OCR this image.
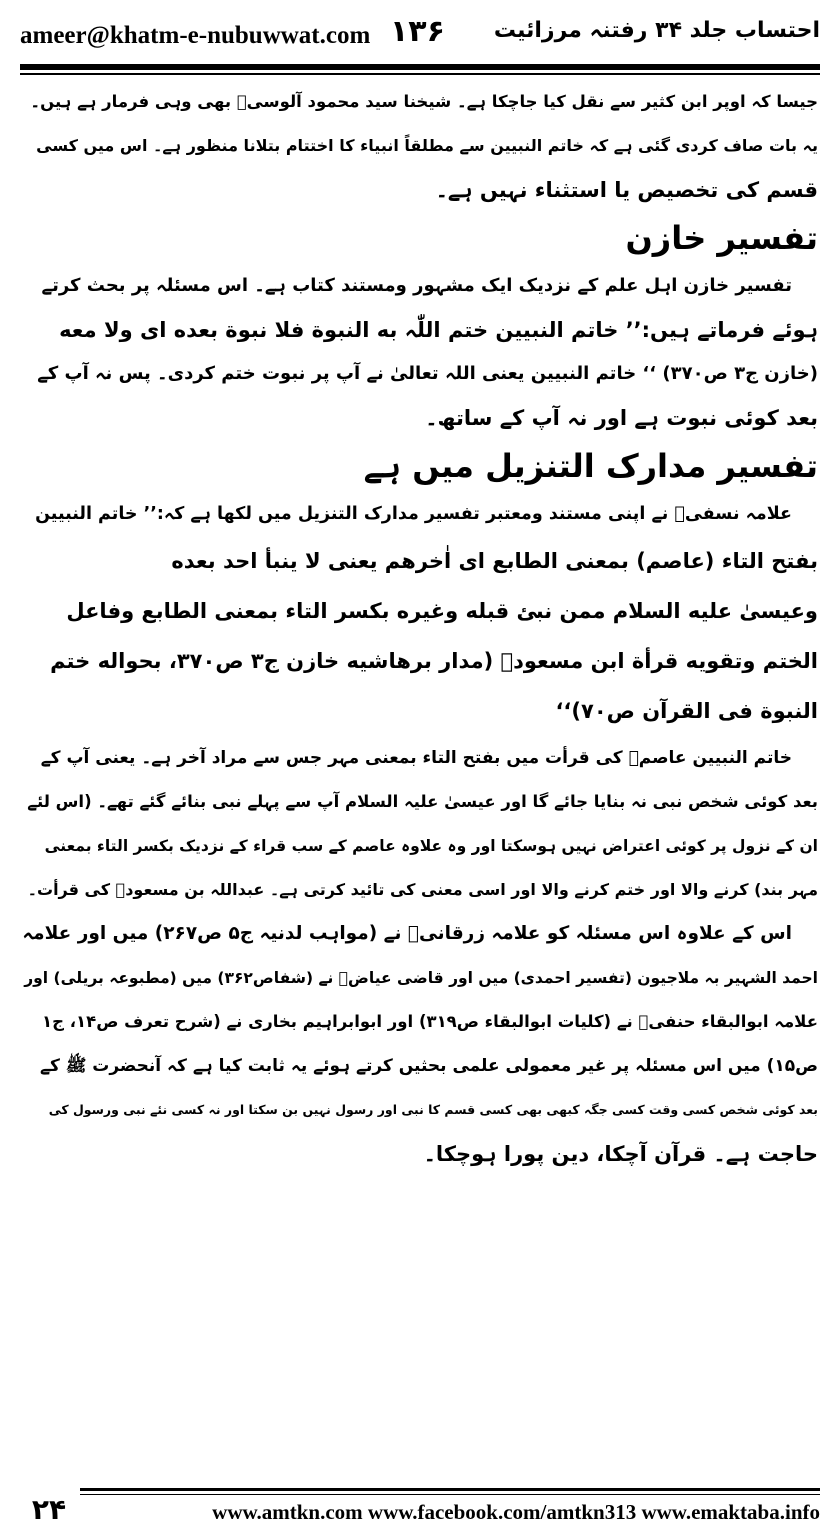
ameer@khatm-e-nubuwwat.com ۱۳۶ احتساب جلد ۳۴ رفتنہ مرزائیت
جیسا کہ اوپر ابن کثیر سے نقل کیا جاچکا ہے۔ شیخنا سید محمود آلوسیؒ بھی وہی فرمار ہے ہیں۔
یہ بات صاف کردی گئی ہے کہ خاتم النبیین سے مطلقاً انبیاء کا اختتام بتلانا منظور ہے۔ اس میں کسی
قسم کی تخصیص یا استثناء نہیں ہے۔
تفسیر خازن
تفسیر خازن اہل علم کے نزدیک ایک مشہور ومستند کتاب ہے۔ اس مسئلہ پر بحث کرتے
ہوئے فرماتے ہیں:’’ خاتم النبیین ختم اللّٰہ به النبوة فلا نبوة بعده ای ولا معه
(خازن ج۳ ص۳۷۰) ‘‘ خاتم النبیین یعنی اللہ تعالیٰ نے آپ پر نبوت ختم کردی۔ پس نہ آپ کے
بعد کوئی نبوت ہے اور نہ آپ کے ساتھ۔
تفسیر مدارک التنزیل میں ہے
علامہ نسفیؒ نے اپنی مستند ومعتبر تفسیر مدارک التنزیل میں لکھا ہے کہ:’’ خاتم النبیین
بفتح التاء (عاصم) بمعنى الطابع اى اٰخرهم يعنى لا ينبأ احد بعده
وعيسىٰ عليه السلام ممن نبئ قبله وغيره بكسر التاء بمعنى الطابع وفاعل
الختم وتقويه قرأة ابن مسعودؓ (مدار برهاشيه خازن ج۳ ص۳۷۰، بحواله ختم
النبوة فى القرآن ص۷۰)‘‘
خاتم النبیین عاصمؒ کی قرأت میں بفتح التاء بمعنی مہر جس سے مراد آخر ہے۔ یعنی آپ کے
بعد کوئی شخص نبی نہ بنایا جائے گا اور عیسیٰ علیہ السلام آپ سے پہلے نبی بنائے گئے تھے۔ (اس لئے
ان کے نزول پر کوئی اعتراض نہیں ہوسکتا اور وہ علاوہ عاصم کے سب قراء کے نزدیک بکسر التاء بمعنی
مہر بند) کرنے والا اور ختم کرنے والا اور اسی معنی کی تائید کرتی ہے۔ عبداللہ بن مسعودؓ کی قرأت۔
اس کے علاوہ اس مسئلہ کو علامہ زرقانیؒ نے (مواہب لدنیہ ج۵ ص۲۶۷) میں اور علامہ
احمد الشہیر بہ ملاجیون (تفسیر احمدی) میں اور قاضی عیاضؒ نے (شفاص۳۶۲) میں (مطبوعہ بریلی) اور
علامہ ابوالبقاء حنفیؒ نے (کلیات ابوالبقاء ص۳۱۹) اور ابوابراہیم بخاری نے (شرح تعرف ص۱۴، ج۱
ص۱۵) میں اس مسئلہ پر غیر معمولی علمی بحثیں کرتے ہوئے یہ ثابت کیا ہے کہ آنحضرت ﷺ کے
بعد کوئی شخص کسی وقت کسی جگہ کبھی بھی کسی قسم کا نبی اور رسول نہیں بن سکتا اور نہ کسی نئے نبی ورسول کی
حاجت ہے۔ قرآن آچکا، دین پورا ہوچکا۔
۲۴	www.amtkn.com www.facebook.com/amtkn313 www.emaktaba.info
